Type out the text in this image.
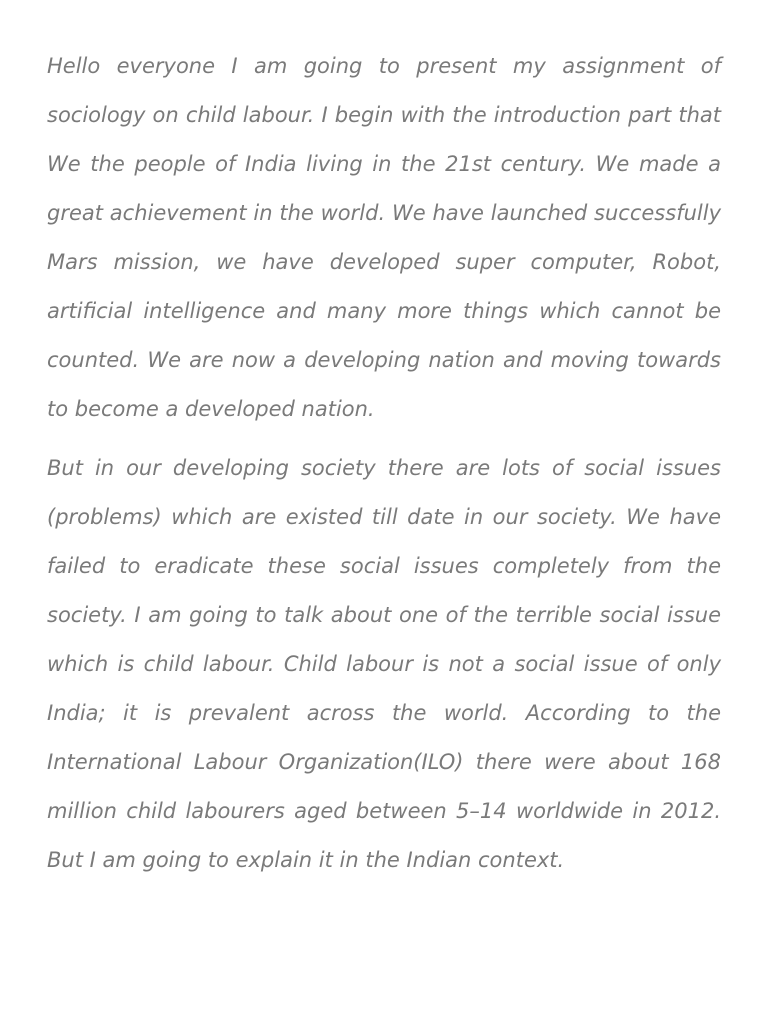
Hello everyone I am going to present my assignment of sociology on child labour. I begin with the introduction part that We the people of India living in the 21st century. We made a great achievement in the world. We have launched successfully Mars mission, we have developed super computer, Robot, artificial intelligence and many more things which cannot be counted. We are now a developing nation and moving towards to become a developed nation.

But in our developing society there are lots of social issues (problems) which are existed till date in our society. We have failed to eradicate these social issues completely from the society. I am going to talk about one of the terrible social issue which is child labour. Child labour is not a social issue of only India; it is prevalent across the world. According to the International Labour Organization(ILO) there were about 168 million child labourers aged between 5–14 worldwide in 2012. But I am going to explain it in the Indian context.
